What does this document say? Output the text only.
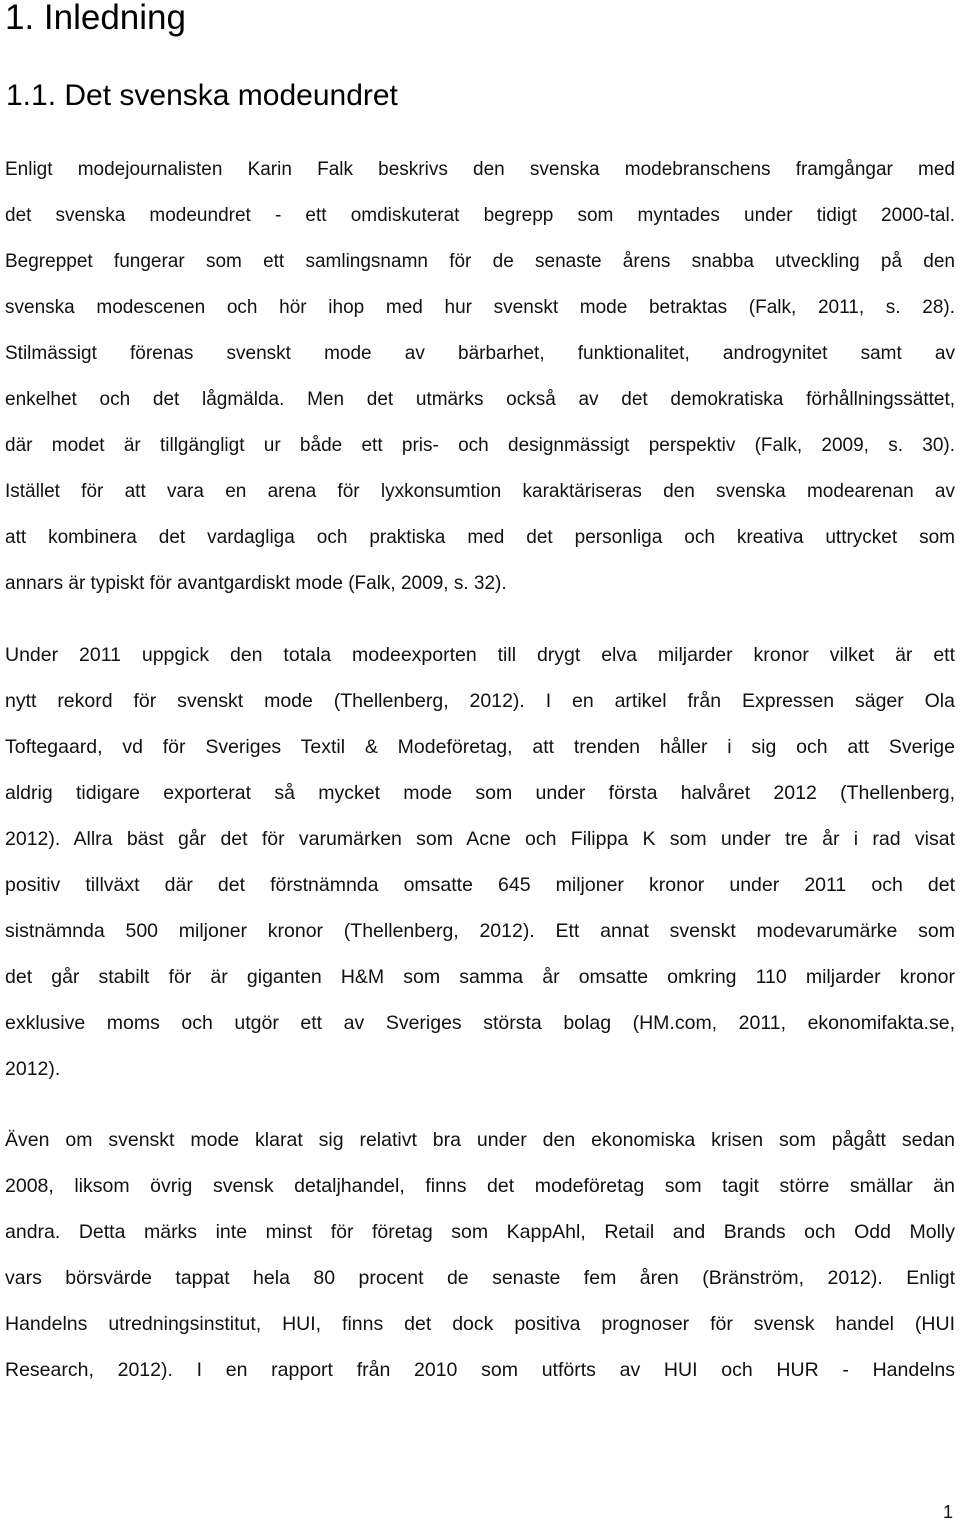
1. Inledning
1.1. Det svenska modeundret
Enligt modejournalisten Karin Falk beskrivs den svenska modebranschens framgångar med
det svenska modeundret - ett omdiskuterat begrepp som myntades under tidigt 2000-tal.
Begreppet fungerar som ett samlingsnamn för de senaste årens snabba utveckling på den
svenska modescenen och hör ihop med hur svenskt mode betraktas (Falk, 2011, s. 28).
Stilmässigt förenas svenskt mode av bärbarhet, funktionalitet, androgynitet samt av
enkelhet och det lågmälda. Men det utmärks också av det demokratiska förhållningssättet,
där modet är tillgängligt ur både ett pris- och designmässigt perspektiv (Falk, 2009, s. 30).
Istället för att vara en arena för lyxkonsumtion karaktäriseras den svenska modearenan av
att kombinera det vardagliga och praktiska med det personliga och kreativa uttrycket som
annars är typiskt för avantgardiskt mode (Falk, 2009, s. 32).
Under 2011 uppgick den totala modeexporten till drygt elva miljarder kronor vilket är ett
nytt rekord för svenskt mode (Thellenberg, 2012). I en artikel från Expressen säger Ola
Toftegaard, vd för Sveriges Textil & Modeföretag, att trenden håller i sig och att Sverige
aldrig tidigare exporterat så mycket mode som under första halvåret 2012 (Thellenberg,
2012). Allra bäst går det för varumärken som Acne och Filippa K som under tre år i rad visat
positiv tillväxt där det förstnämnda omsatte 645 miljoner kronor under 2011 och det
sistnämnda 500 miljoner kronor (Thellenberg, 2012). Ett annat svenskt modevarumärke som
det går stabilt för är giganten H&M som samma år omsatte omkring 110 miljarder kronor
exklusive moms och utgör ett av Sveriges största bolag (HM.com, 2011, ekonomifakta.se,
2012).
Även om svenskt mode klarat sig relativt bra under den ekonomiska krisen som pågått sedan
2008, liksom övrig svensk detaljhandel, finns det modeföretag som tagit större smällar än
andra. Detta märks inte minst för företag som KappAhl, Retail and Brands och Odd Molly
vars börsvärde tappat hela 80 procent de senaste fem åren (Bränström, 2012). Enligt
Handelns utredningsinstitut, HUI, finns det dock positiva prognoser för svensk handel (HUI
Research, 2012). I en rapport från 2010 som utförts av HUI och HUR - Handelns
1
